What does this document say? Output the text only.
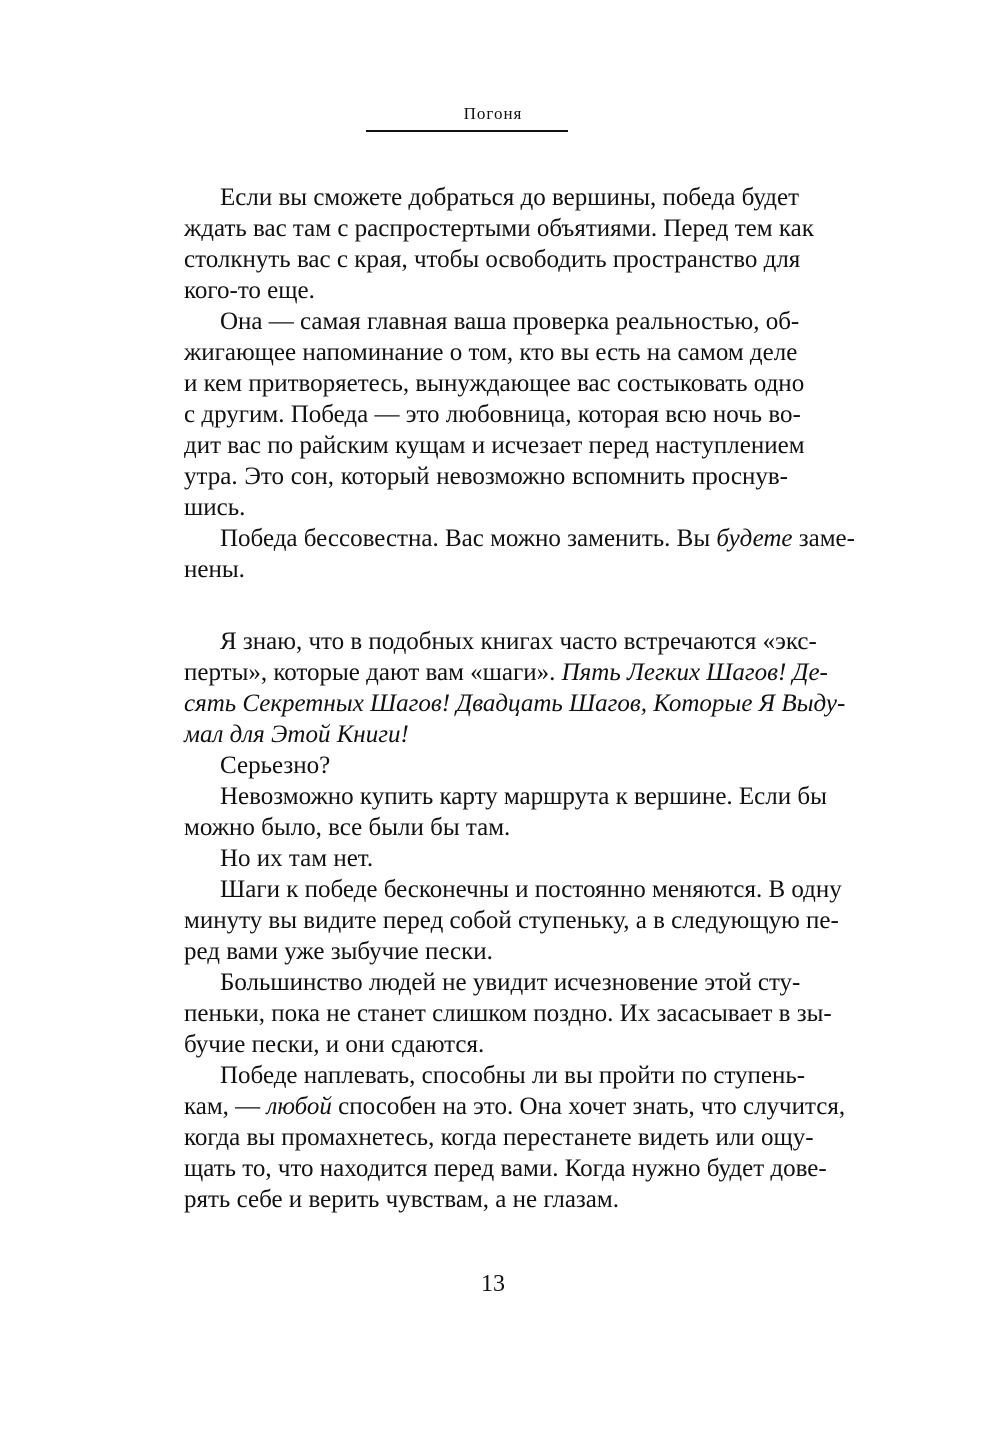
Погоня
Если вы сможете добраться до вершины, победа будет
ждать вас там с распростертыми объятиями. Перед тем как
столкнуть вас с края, чтобы освободить пространство для
кого-то еще.
Она — самая главная ваша проверка реальностью, об-
жигающее напоминание о том, кто вы есть на самом деле
и кем притворяетесь, вынуждающее вас состыковать одно
с другим. Победа — это любовница, которая всю ночь во-
дит вас по райским кущам и исчезает перед наступлением
утра. Это сон, который невозможно вспомнить проснув-
шись.
Победа бессовестна. Вас можно заменить. Вы будете заме-
нены.
Я знаю, что в подобных книгах часто встречаются «экс-
перты», которые дают вам «шаги». Пять Легких Шагов! Де-
сять Секретных Шагов! Двадцать Шагов, Которые Я Выду-
мал для Этой Книги!
Серьезно?
Невозможно купить карту маршрута к вершине. Если бы
можно было, все были бы там.
Но их там нет.
Шаги к победе бесконечны и постоянно меняются. В одну
минуту вы видите перед собой ступеньку, а в следующую пе-
ред вами уже зыбучие пески.
Большинство людей не увидит исчезновение этой сту-
пеньки, пока не станет слишком поздно. Их засасывает в зы-
бучие пески, и они сдаются.
Победе наплевать, способны ли вы пройти по ступень-
кам, — любой способен на это. Она хочет знать, что случится,
когда вы промахнетесь, когда перестанете видеть или ощу-
щать то, что находится перед вами. Когда нужно будет дове-
рять себе и верить чувствам, а не глазам.
13
